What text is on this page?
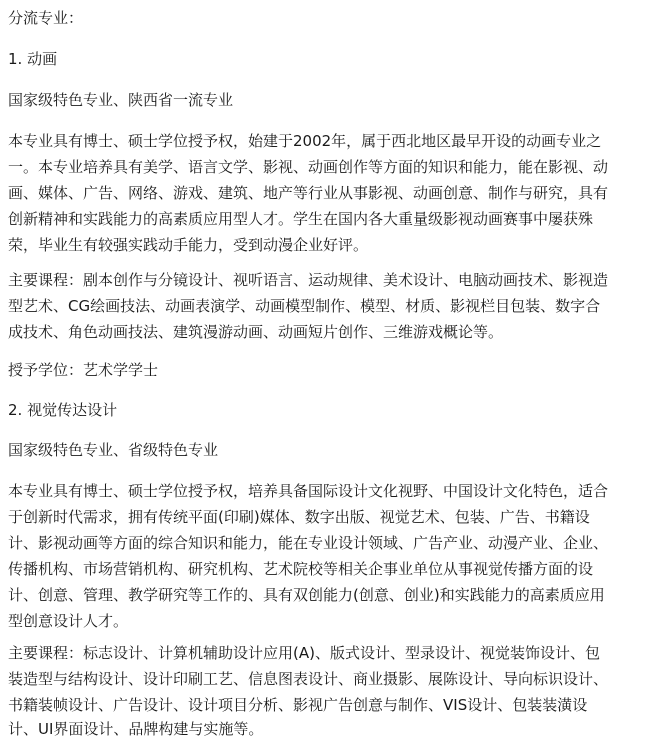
分流专业：
1. 动画
国家级特色专业、陕西省一流专业
本专业具有博士、硕士学位授予权，始建于2002年，属于西北地区最早开设的动画专业之
一。本专业培养具有美学、语言文学、影视、动画创作等方面的知识和能力，能在影视、动
画、媒体、广告、网络、游戏、建筑、地产等行业从事影视、动画创意、制作与研究，具有
创新精神和实践能力的高素质应用型人才。学生在国内各大重量级影视动画赛事中屡获殊
荣，毕业生有较强实践动手能力，受到动漫企业好评。
主要课程：剧本创作与分镜设计、视听语言、运动规律、美术设计、电脑动画技术、影视造
型艺术、CG绘画技法、动画表演学、动画模型制作、模型、材质、影视栏目包装、数字合
成技术、角色动画技法、建筑漫游动画、动画短片创作、三维游戏概论等。
授予学位：艺术学学士
2. 视觉传达设计
国家级特色专业、省级特色专业
本专业具有博士、硕士学位授予权，培养具备国际设计文化视野、中国设计文化特色，适合
于创新时代需求，拥有传统平面(印刷)媒体、数字出版、视觉艺术、包装、广告、书籍设
计、影视动画等方面的综合知识和能力，能在专业设计领域、广告产业、动漫产业、企业、
传播机构、市场营销机构、研究机构、艺术院校等相关企事业单位从事视觉传播方面的设
计、创意、管理、教学研究等工作的、具有双创能力(创意、创业)和实践能力的高素质应用
型创意设计人才。
主要课程：标志设计、计算机辅助设计应用(A)、版式设计、型录设计、视觉装饰设计、包
装造型与结构设计、设计印刷工艺、信息图表设计、商业摄影、展陈设计、导向标识设计、
书籍装帧设计、广告设计、设计项目分析、影视广告创意与制作、VIS设计、包装装潢设
计、UI界面设计、品牌构建与实施等。
